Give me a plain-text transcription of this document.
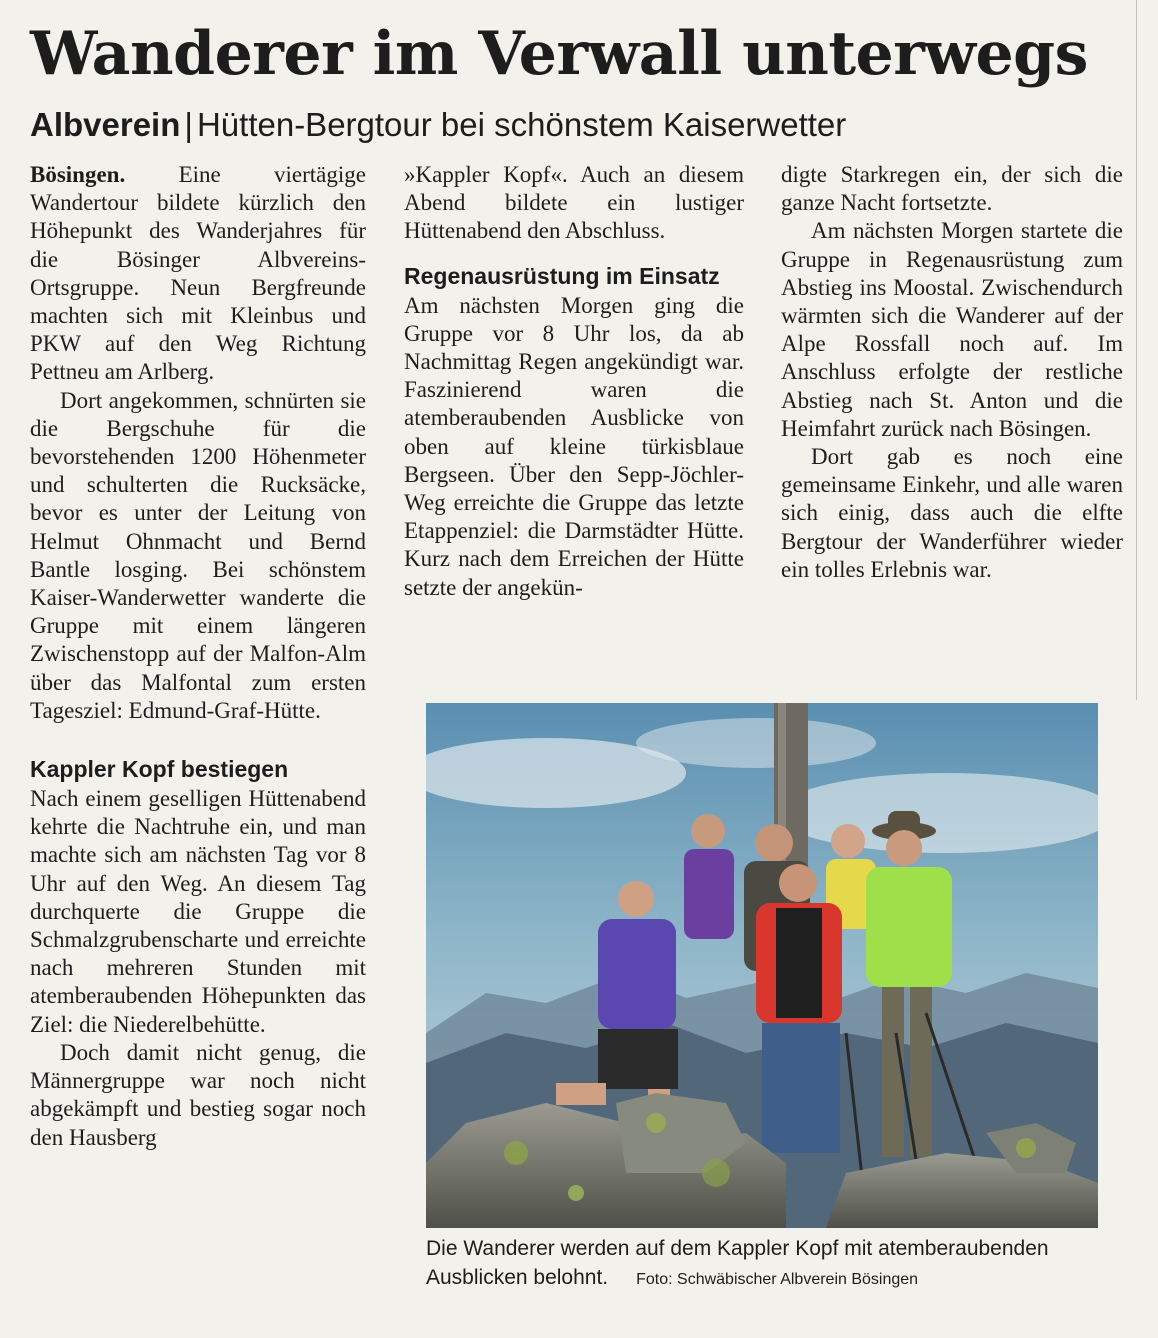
Wanderer im Verwall unterwegs
Albverein | Hütten-Bergtour bei schönstem Kaiserwetter

Bösingen. Eine viertägige Wandertour bildete kürzlich den Höhepunkt des Wanderjahres für die Bösinger Albvereins-Ortsgruppe. Neun Bergfreunde machten sich mit Kleinbus und PKW auf den Weg Richtung Pettneu am Arlberg.

Dort angekommen, schnürten sie die Bergschuhe für die bevorstehenden 1200 Höhenmeter und schulterten die Rucksäcke, bevor es unter der Leitung von Helmut Ohnmacht und Bernd Bantle losging. Bei schönstem Kaiser-Wanderwetter wanderte die Gruppe mit einem längeren Zwischenstopp auf der Malfon-Alm über das Malfontal zum ersten Tagesziel: Edmund-Graf-Hütte.

Kappler Kopf bestiegen

Nach einem geselligen Hüttenabend kehrte die Nachtruhe ein, und man machte sich am nächsten Tag vor 8 Uhr auf den Weg. An diesem Tag durchquerte die Gruppe die Schmalzgrubenscharte und erreichte nach mehreren Stunden mit atemberaubenden Höhepunkten das Ziel: die Niederelbehütte.

Doch damit nicht genug, die Männergruppe war noch nicht abgekämpft und bestieg sogar noch den Hausberg

»Kappler Kopf«. Auch an diesem Abend bildete ein lustiger Hüttenabend den Abschluss.

Regenausrüstung im Einsatz

Am nächsten Morgen ging die Gruppe vor 8 Uhr los, da ab Nachmittag Regen angekündigt war. Faszinierend waren die atemberaubenden Ausblicke von oben auf kleine türkisblaue Bergseen. Über den Sepp-Jöchler-Weg erreichte die Gruppe das letzte Etappenziel: die Darmstädter Hütte. Kurz nach dem Erreichen der Hütte setzte der angekün-

digte Starkregen ein, der sich die ganze Nacht fortsetzte.

Am nächsten Morgen startete die Gruppe in Regenausrüstung zum Abstieg ins Moostal. Zwischendurch wärmten sich die Wanderer auf der Alpe Rossfall noch auf. Im Anschluss erfolgte der restliche Abstieg nach St. Anton und die Heimfahrt zurück nach Bösingen.

Dort gab es noch eine gemeinsame Einkehr, und alle waren sich einig, dass auch die elfte Bergtour der Wanderführer wieder ein tolles Erlebnis war.

Die Wanderer werden auf dem Kappler Kopf mit atemberaubenden Ausblicken belohnt. Foto: Schwäbischer Albverein Bösingen
